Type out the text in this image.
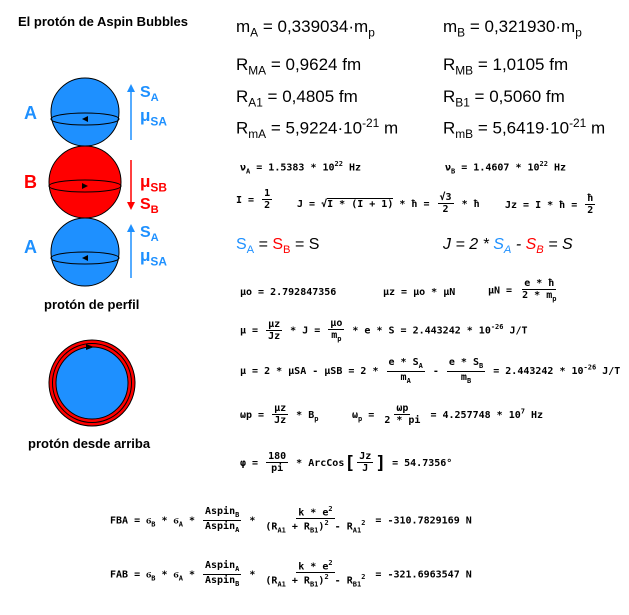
El protón de Aspin Bubbles
A
B
A
$S_A$
$\mu_{SA}$
$\mu_{SB}$
$S_B$
$S_A$
$\mu_{SA}$
protón de perfil
protón desde arriba
$m_A = 0,339034\cdot m_p$	$m_B = 0,321930\cdot m_p$
$R_{MA} = 0,9624$ fm	$R_{MB} = 1,0105$ fm
$R_{A1} = 0,4805$ fm	$R_{B1} = 0,5060$ fm
$R_{mA} = 5,9224\cdot 10^{-21}$ m	$R_{mB} = 5,6419\cdot 10^{-21}$ m
$\nu_A = 1.5383 * 10^{22}$ Hz	$\nu_B = 1.4607 * 10^{22}$ Hz
$I = \frac{1}{2}$ J = √I * (I + 1) * ħ = $\frac{√3}{2}$ * ħ	Jz = I * ħ = $\frac{ħ}{2}$
$S_A = S_B = S$	$J = 2 * S_A - S_B = S$
μo = 2.792847356	μz = μo * μN	$\mu N = \frac{e * ħ}{2 * m_p}$
$\mu = \frac{\mu z}{Jz} * J = \frac{\mu o}{m_p} * e * S = 2.443242 * 10^{-26}$ J/T
$\mu = 2 * \mu SA - \mu SB = 2 * \frac{e * S_A}{m_A} - \frac{e * S_B}{m_B} = 2.443242 * 10^{-26}$ J/T
$\omega p = \frac{\mu z}{Jz} * B_p$	$\omega_p = \frac{\omega p}{2 * pi} = 4.257748 * 10^7$ Hz
$\varphi = \frac{180}{pi}$ * ArcCos[ $\frac{Jz}{J}$ ] = 54.7356°
FBA = $ϭ_B * ϭ_A * \frac{Aspin_B}{Aspin_A} * \frac{k * e^2}{(R_{A1} + R_{B1})^2 - R_{A1}^2} = -310.7829169$ N
FAB = $ϭ_B * ϭ_A * \frac{Aspin_A}{Aspin_B} * \frac{k * e^2}{(R_{A1} + R_{B1})^2 - R_{B1}^2} = -321.6963547$ N
